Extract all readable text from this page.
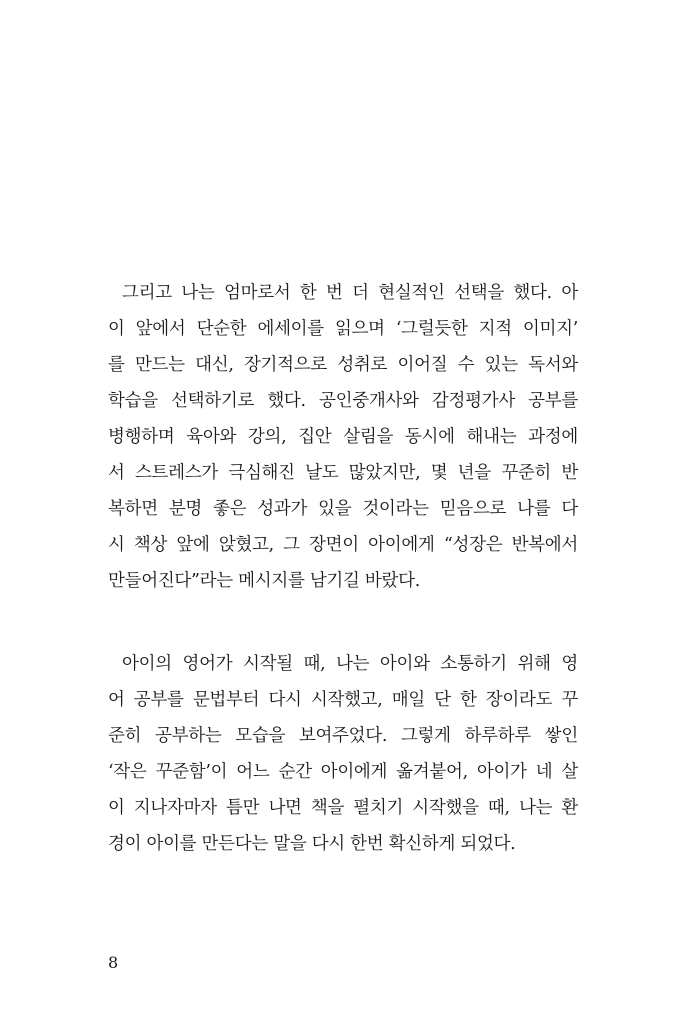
그리고 나는 엄마로서 한 번 더 현실적인 선택을 했다. 아
이 앞에서 단순한 에세이를 읽으며 ‘그럴듯한 지적 이미지’
를 만드는 대신, 장기적으로 성취로 이어질 수 있는 독서와
학습을 선택하기로 했다. 공인중개사와 감정평가사 공부를
병행하며 육아와 강의, 집안 살림을 동시에 해내는 과정에
서 스트레스가 극심해진 날도 많았지만, 몇 년을 꾸준히 반
복하면 분명 좋은 성과가 있을 것이라는 믿음으로 나를 다
시 책상 앞에 앉혔고, 그 장면이 아이에게 “성장은 반복에서
만들어진다”라는 메시지를 남기길 바랐다.
아이의 영어가 시작될 때, 나는 아이와 소통하기 위해 영
어 공부를 문법부터 다시 시작했고, 매일 단 한 장이라도 꾸
준히 공부하는 모습을 보여주었다. 그렇게 하루하루 쌓인
‘작은 꾸준함’이 어느 순간 아이에게 옮겨붙어, 아이가 네 살
이 지나자마자 틈만 나면 책을 펼치기 시작했을 때, 나는 환
경이 아이를 만든다는 말을 다시 한번 확신하게 되었다.
8
